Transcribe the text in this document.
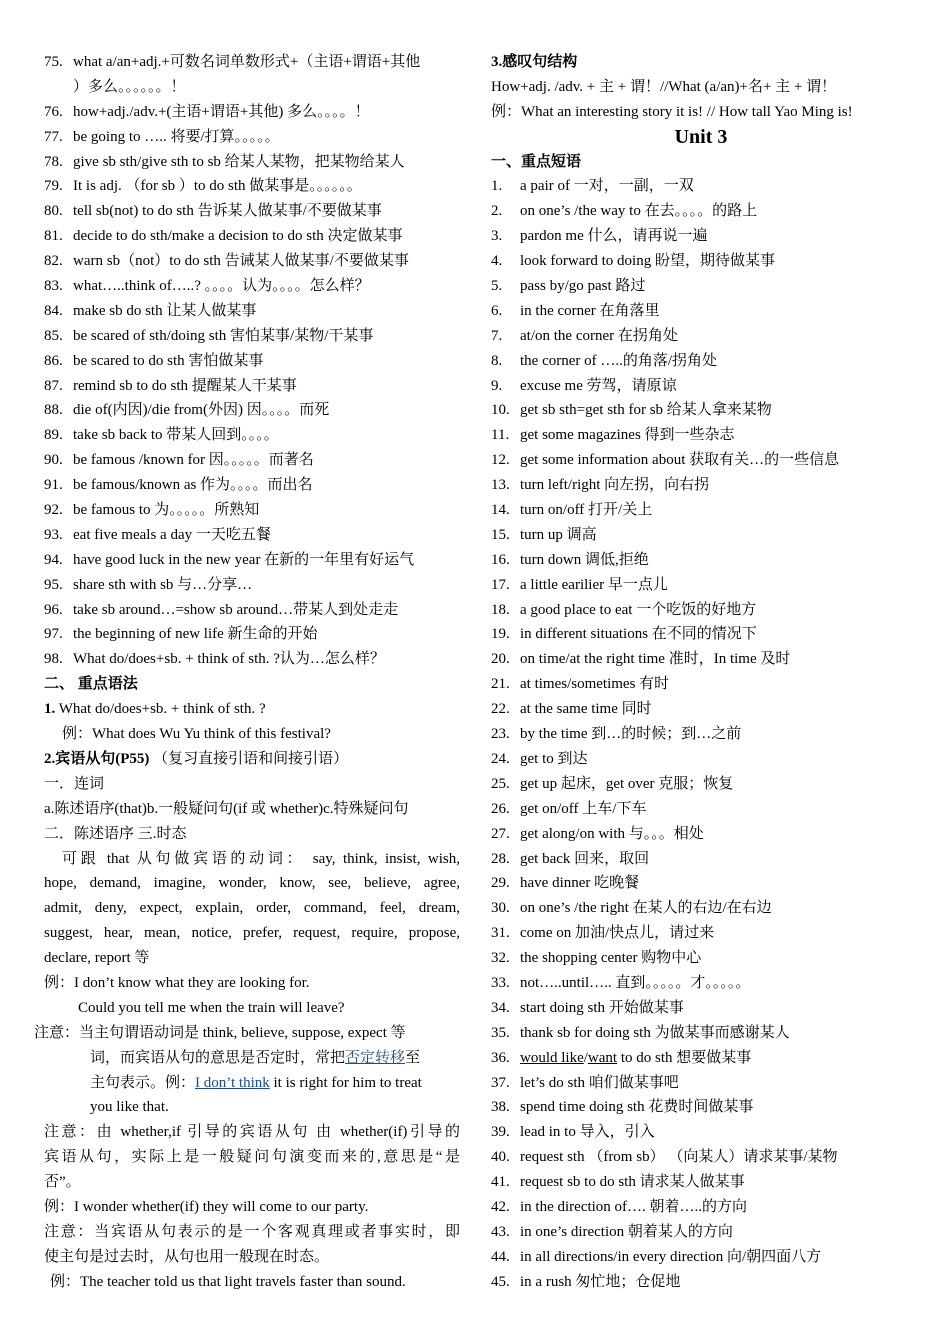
75. what a/an+adj.+可数名词单数形式+（主语+谓语+其他
）多么。。。。。。！
76. how+adj./adv.+(主语+谓语+其他) 多么。。。。！
77. be going to ….. 将要/打算。。。。。
78. give sb sth/give sth to sb 给某人某物，把某物给某人
79. It is adj. （for sb ）to do sth 做某事是。。。。。。
80. tell sb(not) to do sth 告诉某人做某事/不要做某事
81. decide to do sth/make a decision to do sth 决定做某事
82. warn sb（not）to do sth 告诫某人做某事/不要做某事
83. what…..think of…..? 。。。。认为。。。。怎么样？
84. make sb do sth 让某人做某事
85. be scared of sth/doing sth 害怕某事/某物/干某事
86. be scared to do sth 害怕做某事
87. remind sb to do sth 提醒某人干某事
88. die of(内因)/die from(外因) 因。。。。而死
89. take sb back to 带某人回到。。。。
90. be famous /known for 因。。。。。而著名
91. be famous/known as 作为。。。。而出名
92. be famous to 为。。。。。所熟知
93. eat five meals a day 一天吃五餐
94. have good luck in the new year 在新的一年里有好运气
95. share sth with sb 与…分享…
96. take sb around…=show sb around…带某人到处走走
97. the beginning of new life 新生命的开始
98. What do/does+sb. + think of sth. ?认为…怎么样？
二、 重点语法
1. What do/does+sb. + think of sth. ?
例：What does Wu Yu think of this festival?
2.宾语从句(P55) （复习直接引语和间接引语）
一．连词
a.陈述语序(that)b.一般疑问句(if 或 whether)c.特殊疑问句
二．陈述语序 三.时态
可跟 that 从句做宾语的动词： say, think, insist, wish,
hope, demand, imagine, wonder, know, see, believe, agree,
admit, deny, expect, explain, order, command, feel, dream,
suggest, hear, mean, notice, prefer, request, require, propose,
declare, report 等
例：I don’t know what they are looking for.
Could you tell me when the train will leave?
注意：当主句谓语动词是 think, believe, suppose, expect 等
词，而宾语从句的意思是否定时，常把否定转移至
主句表示。例：I don’t think it is right for him to treat
you like that.
注意：由 whether,if 引导的宾语从句 由 whether(if)引导的
宾语从句，实际上是一般疑问句演变而来的,意思是“是
否”。
例：I wonder whether(if) they will come to our party.
注意：当宾语从句表示的是一个客观真理或者事实时，即
使主句是过去时，从句也用一般现在时态。
例：The teacher told us that light travels faster than sound.
3.感叹句结构
How+adj. /adv. + 主 + 谓！//What (a/an)+名+ 主 + 谓！
例：What an interesting story it is! // How tall Yao Ming is!
Unit 3
一、重点短语
1. a pair of 一对，一副，一双
2. on one’s /the way to 在去。。。。的路上
3. pardon me 什么，请再说一遍
4. look forward to doing 盼望，期待做某事
5. pass by/go past 路过
6. in the corner 在角落里
7. at/on the corner 在拐角处
8. the corner of …..的角落/拐角处
9. excuse me 劳驾，请原谅
10. get sb sth=get sth for sb 给某人拿来某物
11. get some magazines 得到一些杂志
12. get some information about 获取有关…的一些信息
13. turn left/right 向左拐，向右拐
14. turn on/off 打开/关上
15. turn up 调高
16. turn down 调低,拒绝
17. a little earilier 早一点儿
18. a good place to eat 一个吃饭的好地方
19. in different situations 在不同的情况下
20. on time/at the right time 准时，In time 及时
21. at times/sometimes 有时
22. at the same time 同时
23. by the time 到…的时候；到…之前
24. get to 到达
25. get up 起床，get over 克服；恢复
26. get on/off 上车/下车
27. get along/on with 与。。。相处
28. get back 回来，取回
29. have dinner 吃晚餐
30. on one’s /the right 在某人的右边/在右边
31. come on 加油/快点儿，请过来
32. the shopping center 购物中心
33. not…..until….. 直到。。。。。才。。。。。
34. start doing sth 开始做某事
35. thank sb for doing sth 为做某事而感谢某人
36. would like/want to do sth 想要做某事
37. let’s do sth 咱们做某事吧
38. spend time doing sth 花费时间做某事
39. lead in to 导入，引入
40. request sth （from sb） （向某人）请求某事/某物
41. request sb to do sth 请求某人做某事
42. in the direction of…. 朝着…..的方向
43. in one’s direction 朝着某人的方向
44. in all directions/in every direction 向/朝四面八方
45. in a rush 匆忙地；仓促地
